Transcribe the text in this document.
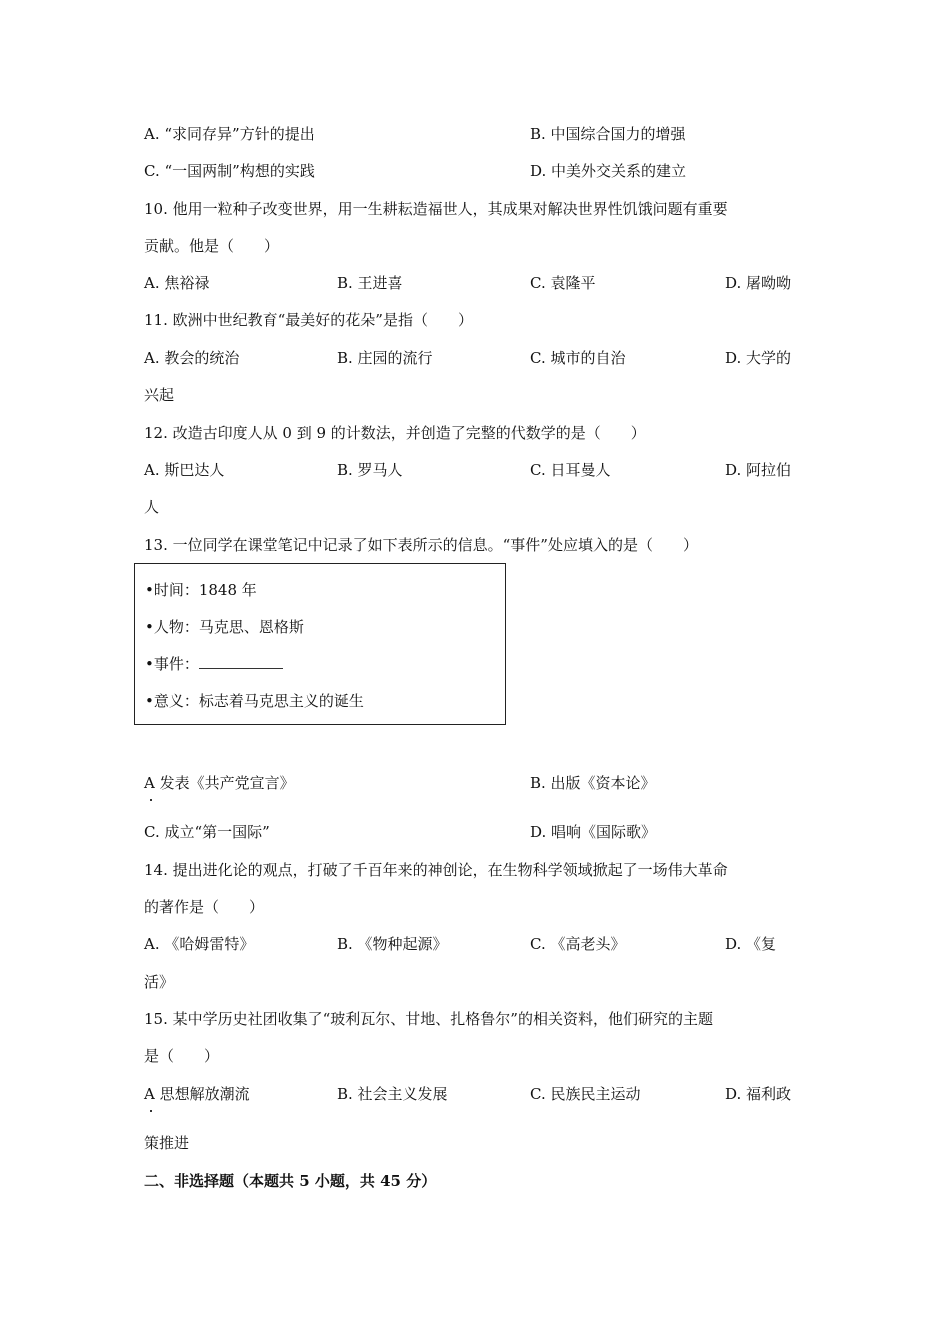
A. “求同存异”方针的提出	B. 中国综合国力的增强
C. “一国两制”构想的实践	D. 中美外交关系的建立
10. 他用一粒种子改变世界，用一生耕耘造福世人，其成果对解决世界性饥饿问题有重要
贡献。他是（　　）
A. 焦裕禄	B. 王进喜	C. 袁隆平	D. 屠呦呦
11. 欧洲中世纪教育“最美好的花朵”是指（　　）
A. 教会的统治	B. 庄园的流行	C. 城市的自治	D. 大学的
兴起
12. 改造古印度人从 0 到 9 的计数法，并创造了完整的代数学的是（　　）
A. 斯巴达人	B. 罗马人	C. 日耳曼人	D. 阿拉伯
人
13. 一位同学在课堂笔记中记录了如下表所示的信息。“事件”处应填入的是（　　）
•时间：1848 年
•人物：马克思、恩格斯
•事件：
•意义：标志着马克思主义的诞生
A 发表《共产党宣言》	B. 出版《资本论》
C. 成立“第一国际”	D. 唱响《国际歌》
14. 提出进化论的观点，打破了千百年来的神创论，在生物科学领域掀起了一场伟大革命
的著作是（　　）
A. 《哈姆雷特》	B. 《物种起源》	C. 《高老头》	D. 《复
活》
15. 某中学历史社团收集了“玻利瓦尔、甘地、扎格鲁尔”的相关资料，他们研究的主题
是（　　）
A 思想解放潮流	B. 社会主义发展	C. 民族民主运动	D. 福利政
策推进
二、非选择题（本题共 5 小题，共 45 分）
